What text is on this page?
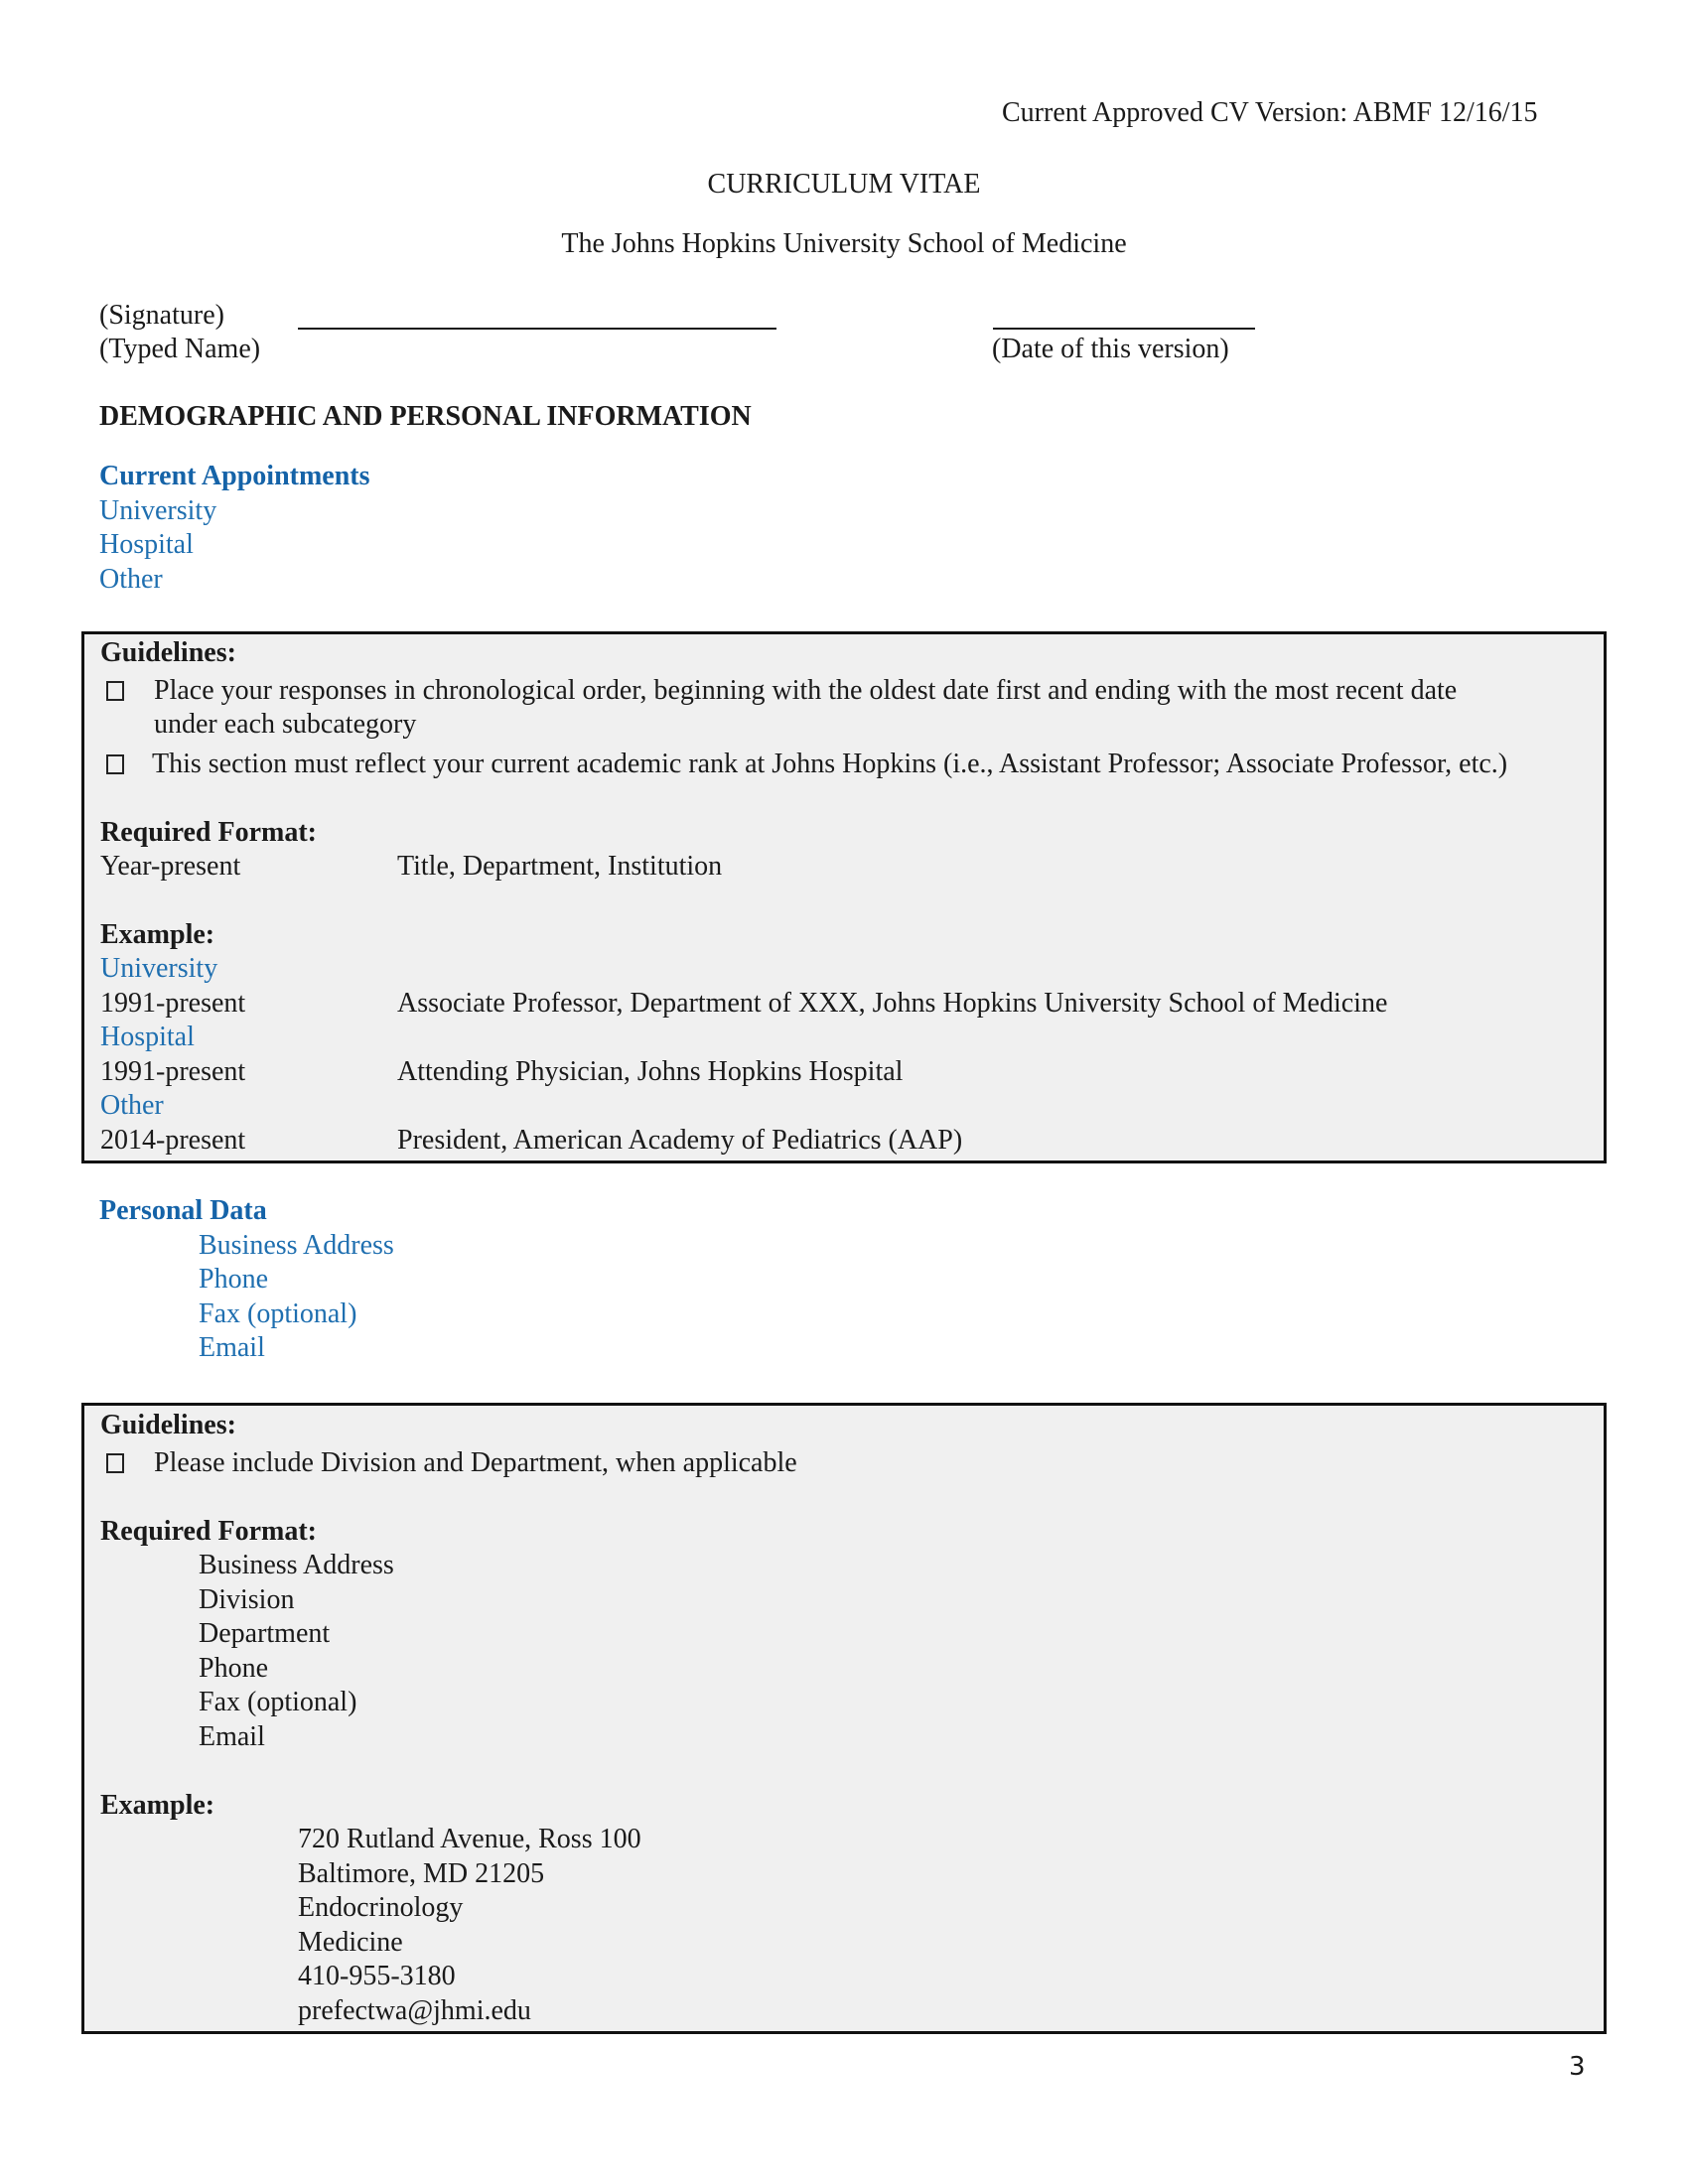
Current Approved CV Version: ABMF 12/16/15
CURRICULUM VITAE
The Johns Hopkins University School of Medicine
(Signature)
(Typed Name)	(Date of this version)
DEMOGRAPHIC AND PERSONAL INFORMATION
Current Appointments
University
Hospital
Other
Guidelines:
Place your responses in chronological order, beginning with the oldest date first and ending with the most recent date
under each subcategory
This section must reflect your current academic rank at Johns Hopkins (i.e., Assistant Professor; Associate Professor, etc.)
Required Format:
Year-present	Title, Department, Institution
Example:
University
1991-present	Associate Professor, Department of XXX, Johns Hopkins University School of Medicine
Hospital
1991-present	Attending Physician, Johns Hopkins Hospital
Other
2014-present	President, American Academy of Pediatrics (AAP)
Personal Data
Business Address
Phone
Fax (optional)
Email
Guidelines:
Please include Division and Department, when applicable
Required Format:
Business Address
Division
Department
Phone
Fax (optional)
Email
Example:
720 Rutland Avenue, Ross 100
Baltimore, MD 21205
Endocrinology
Medicine
410-955-3180
prefectwa@jhmi.edu
3
